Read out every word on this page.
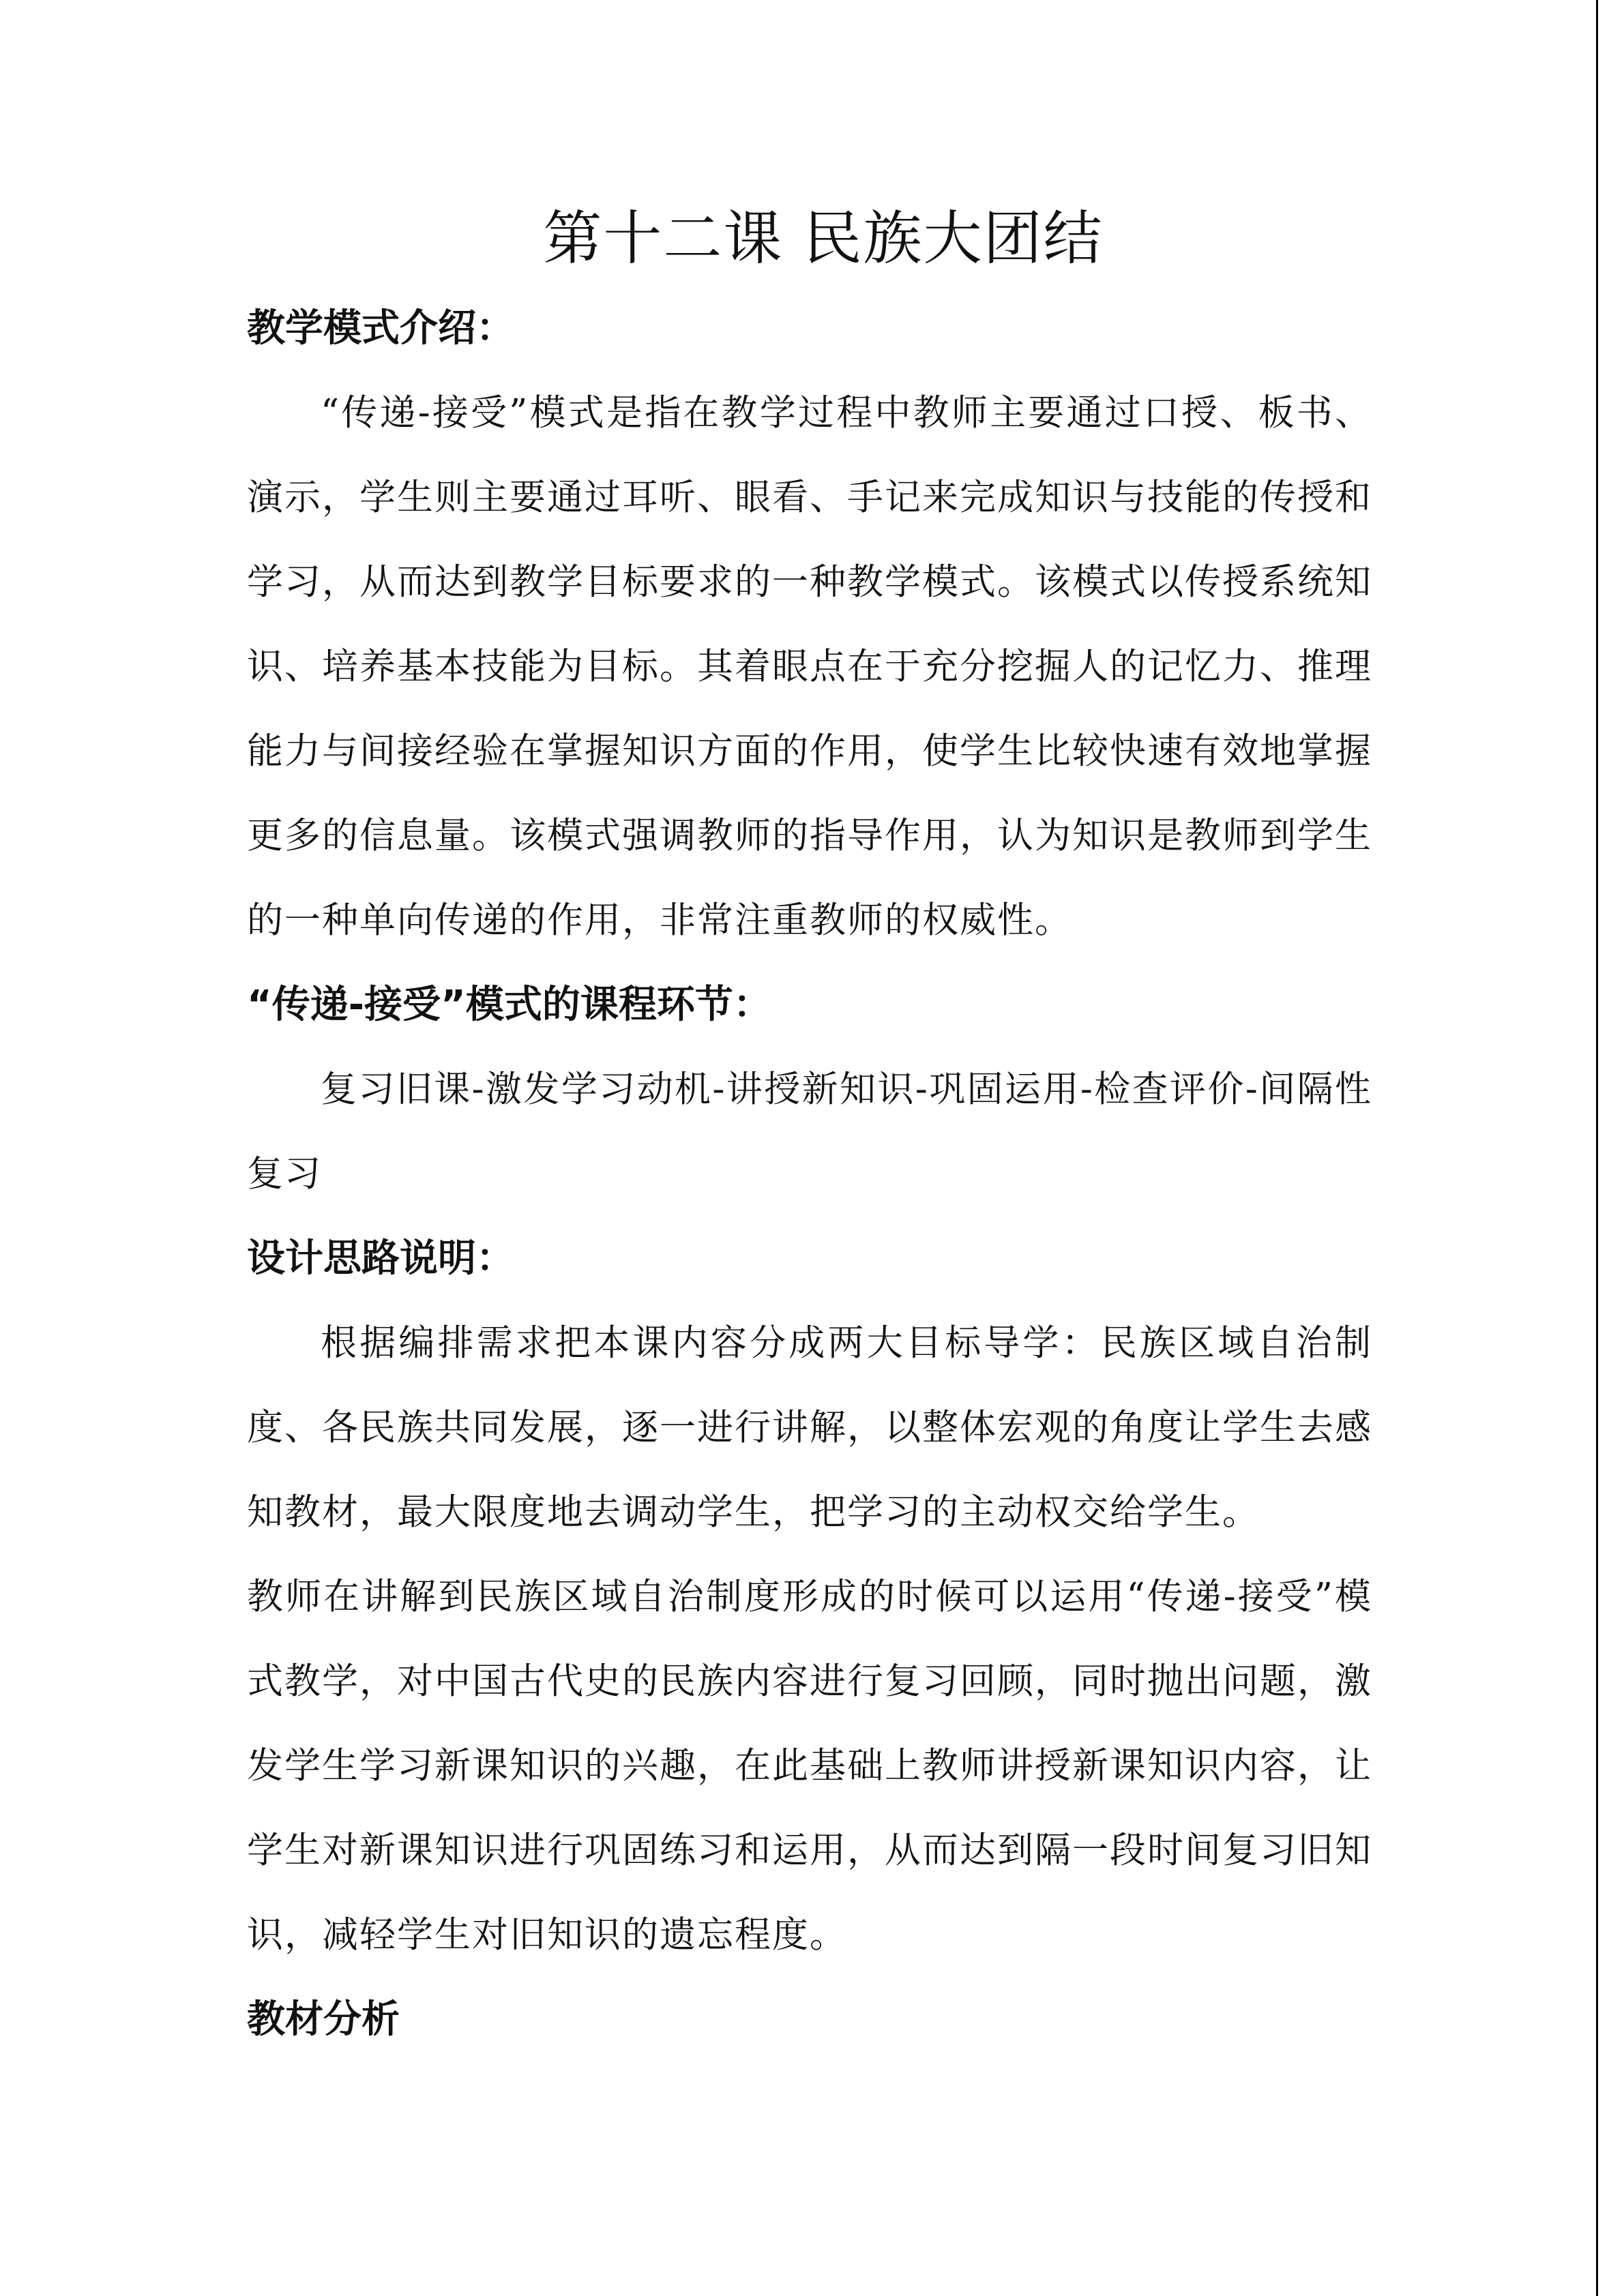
第十二课 民族大团结
教学模式介绍：

“传递-接受”模式是指在教学过程中教师主要通过口授、板书、演示，学生则主要通过耳听、眼看、手记来完成知识与技能的传授和学习，从而达到教学目标要求的一种教学模式。该模式以传授系统知识、培养基本技能为目标。其着眼点在于充分挖掘人的记忆力、推理能力与间接经验在掌握知识方面的作用，使学生比较快速有效地掌握更多的信息量。该模式强调教师的指导作用，认为知识是教师到学生的一种单向传递的作用，非常注重教师的权威性。

“传递-接受”模式的课程环节：

复习旧课-激发学习动机-讲授新知识-巩固运用-检查评价-间隔性复习

设计思路说明：

根据编排需求把本课内容分成两大目标导学：民族区域自治制度、各民族共同发展，逐一进行讲解，以整体宏观的角度让学生去感知教材，最大限度地去调动学生，把学习的主动权交给学生。

教师在讲解到民族区域自治制度形成的时候可以运用“传递-接受”模式教学，对中国古代史的民族内容进行复习回顾，同时抛出问题，激发学生学习新课知识的兴趣，在此基础上教师讲授新课知识内容，让学生对新课知识进行巩固练习和运用，从而达到隔一段时间复习旧知识，减轻学生对旧知识的遗忘程度。

教材分析
